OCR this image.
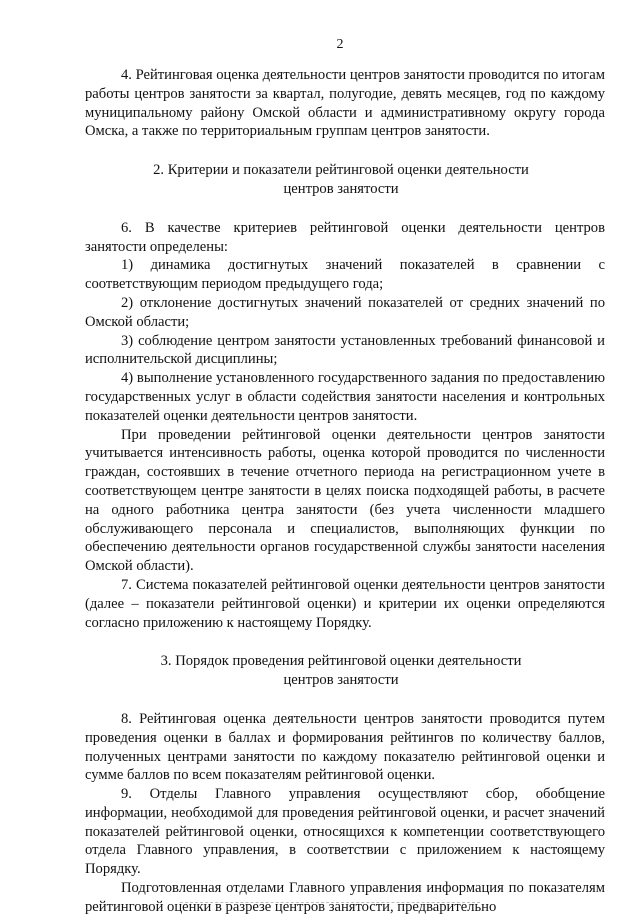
2

4. Рейтинговая оценка деятельности центров занятости проводится по итогам работы центров занятости за квартал, полугодие, девять месяцев, год по каждому муниципальному району Омской области и административному округу города Омска, а также по территориальным группам центров занятости.

2. Критерии и показатели рейтинговой оценки деятельности

центров занятости

6. В качестве критериев рейтинговой оценки деятельности центров занятости определены:

1) динамика достигнутых значений показателей в сравнении с соответствующим периодом предыдущего года;

2) отклонение достигнутых значений показателей от средних значений по Омской области;

3) соблюдение центром занятости установленных требований финансовой и исполнительской дисциплины;

4) выполнение установленного государственного задания по предоставлению государственных услуг в области содействия занятости населения и контрольных показателей оценки деятельности центров занятости.

При проведении рейтинговой оценки деятельности центров занятости учитывается интенсивность работы, оценка которой проводится по численности граждан, состоявших в течение отчетного периода на регистрационном учете в соответствующем центре занятости в целях поиска подходящей работы, в расчете на одного работника центра занятости (без учета численности младшего обслуживающего персонала и специалистов, выполняющих функции по обеспечению деятельности органов государственной службы занятости населения Омской области).

7. Система показателей рейтинговой оценки деятельности центров занятости (далее – показатели рейтинговой оценки) и критерии их оценки определяются согласно приложению к настоящему Порядку.

3. Порядок проведения рейтинговой оценки деятельности

центров занятости

8. Рейтинговая оценка деятельности центров занятости проводится путем проведения оценки в баллах и формирования рейтингов по количеству баллов, полученных центрами занятости по каждому показателю рейтинговой оценки и сумме баллов по всем показателям рейтинговой оценки.

9. Отделы Главного управления осуществляют сбор, обобщение информации, необходимой для проведения рейтинговой оценки, и расчет значений показателей рейтинговой оценки, относящихся к компетенции соответствующего отдела Главного управления, в соответствии с приложением к настоящему Порядку.

Подготовленная отделами Главного управления информация по показателям рейтинговой оценки в разрезе центров занятости, предварительно
